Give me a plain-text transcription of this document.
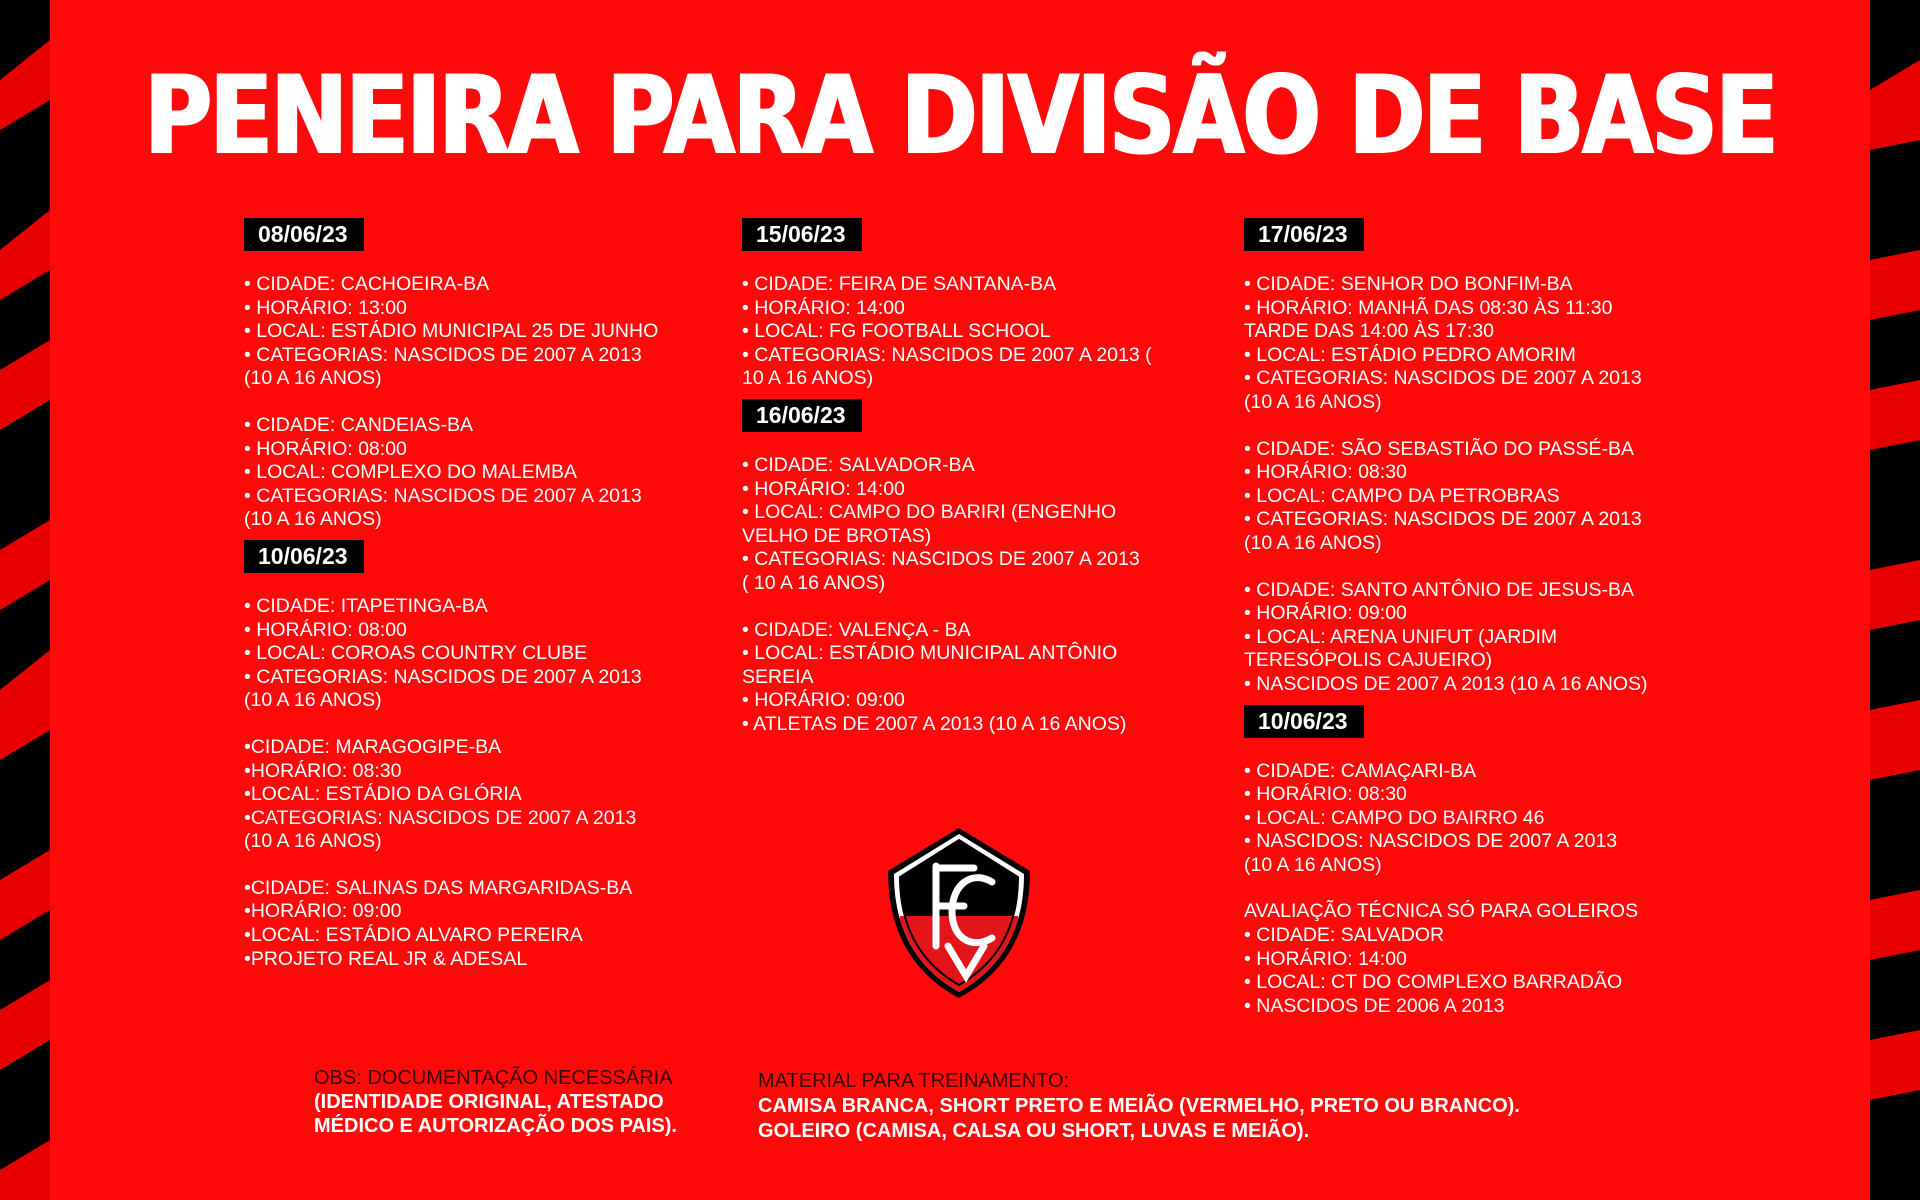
PENEIRA PARA DIVISÃO DE BASE
08/06/23
• CIDADE: CACHOEIRA-BA
• HORÁRIO: 13:00
• LOCAL: ESTÁDIO MUNICIPAL 25 DE JUNHO
• CATEGORIAS: NASCIDOS DE 2007 A 2013
(10 A 16 ANOS)
• CIDADE: CANDEIAS-BA
• HORÁRIO: 08:00
• LOCAL: COMPLEXO DO MALEMBA
• CATEGORIAS: NASCIDOS DE 2007 A 2013
(10 A 16 ANOS)
10/06/23
• CIDADE: ITAPETINGA-BA
• HORÁRIO: 08:00
• LOCAL: COROAS COUNTRY CLUBE
• CATEGORIAS: NASCIDOS DE 2007 A 2013
(10 A 16 ANOS)
•CIDADE: MARAGOGIPE-BA
•HORÁRIO: 08:30
•LOCAL: ESTÁDIO DA GLÓRIA
•CATEGORIAS: NASCIDOS DE 2007 A 2013
(10 A 16 ANOS)
•CIDADE: SALINAS DAS MARGARIDAS-BA
•HORÁRIO: 09:00
•LOCAL: ESTÁDIO ALVARO PEREIRA
•PROJETO REAL JR & ADESAL
15/06/23
• CIDADE: FEIRA DE SANTANA-BA
• HORÁRIO: 14:00
• LOCAL: FG FOOTBALL SCHOOL
• CATEGORIAS: NASCIDOS DE 2007 A 2013 (
10 A 16 ANOS)
16/06/23
• CIDADE: SALVADOR-BA
• HORÁRIO: 14:00
• LOCAL: CAMPO DO BARIRI (ENGENHO
VELHO DE BROTAS)
• CATEGORIAS: NASCIDOS DE 2007 A 2013
( 10 A 16 ANOS)
• CIDADE: VALENÇA - BA
• LOCAL: ESTÁDIO MUNICIPAL ANTÔNIO
SEREIA
• HORÁRIO: 09:00
• ATLETAS DE 2007 A 2013 (10 A 16 ANOS)
17/06/23
• CIDADE: SENHOR DO BONFIM-BA
• HORÁRIO: MANHÃ DAS 08:30 ÀS 11:30
TARDE DAS 14:00 ÀS 17:30
• LOCAL: ESTÁDIO PEDRO AMORIM
• CATEGORIAS: NASCIDOS DE 2007 A 2013
(10 A 16 ANOS)
• CIDADE: SÃO SEBASTIÃO DO PASSÉ-BA
• HORÁRIO: 08:30
• LOCAL: CAMPO DA PETROBRAS
• CATEGORIAS: NASCIDOS DE 2007 A 2013
(10 A 16 ANOS)
• CIDADE: SANTO ANTÔNIO DE JESUS-BA
• HORÁRIO: 09:00
• LOCAL: ARENA UNIFUT (JARDIM
TERESÓPOLIS CAJUEIRO)
• NASCIDOS DE 2007 A 2013 (10 A 16 ANOS)
10/06/23
• CIDADE: CAMAÇARI-BA
• HORÁRIO: 08:30
• LOCAL: CAMPO DO BAIRRO 46
• NASCIDOS: NASCIDOS DE 2007 A 2013
(10 A 16 ANOS)
AVALIAÇÃO TÉCNICA SÓ PARA GOLEIROS
• CIDADE: SALVADOR
• HORÁRIO: 14:00
• LOCAL: CT DO COMPLEXO BARRADÃO
• NASCIDOS DE 2006 A 2013
OBS: DOCUMENTAÇÃO NECESSÁRIA
(IDENTIDADE ORIGINAL, ATESTADO
MÉDICO E AUTORIZAÇÃO DOS PAIS).
MATERIAL PARA TREINAMENTO:
CAMISA BRANCA, SHORT PRETO E MEIÃO (VERMELHO, PRETO OU BRANCO).
GOLEIRO (CAMISA, CALSA OU SHORT, LUVAS E MEIÃO).
